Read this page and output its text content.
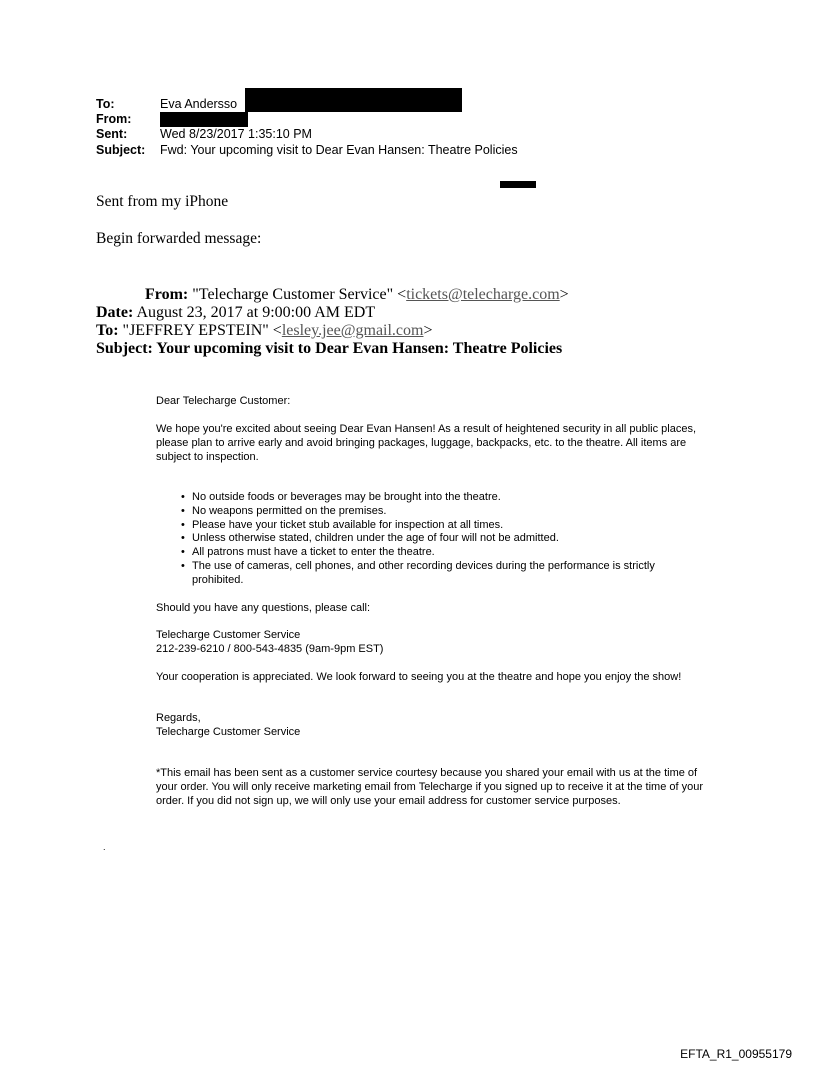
To:	Eva Andersso
From:
Sent:	Wed 8/23/2017 1:35:10 PM
Subject: Fwd: Your upcoming visit to Dear Evan Hansen: Theatre Policies
Sent from my iPhone
Begin forwarded message:
From: "Telecharge Customer Service" <tickets@telecharge.com>
Date: August 23, 2017 at 9:00:00 AM EDT
To: "JEFFREY EPSTEIN" <lesley.jee@gmail.com>
Subject: Your upcoming visit to Dear Evan Hansen: Theatre Policies
Dear Telecharge Customer:
We hope you're excited about seeing Dear Evan Hansen! As a result of heightened security in all public places, please plan to arrive early and avoid bringing packages, luggage, backpacks, etc. to the theatre. All items are subject to inspection.
• No outside foods or beverages may be brought into the theatre.
• No weapons permitted on the premises.
• Please have your ticket stub available for inspection at all times.
• Unless otherwise stated, children under the age of four will not be admitted.
• All patrons must have a ticket to enter the theatre.
• The use of cameras, cell phones, and other recording devices during the performance is strictly prohibited.
Should you have any questions, please call:
Telecharge Customer Service
212-239-6210 / 800-543-4835 (9am-9pm EST)
Your cooperation is appreciated. We look forward to seeing you at the theatre and hope you enjoy the show!
Regards,
Telecharge Customer Service
*This email has been sent as a customer service courtesy because you shared your email with us at the time of your order. You will only receive marketing email from Telecharge if you signed up to receive it at the time of your order. If you did not sign up, we will only use your email address for customer service purposes.
.
EFTA_R1_00955179
